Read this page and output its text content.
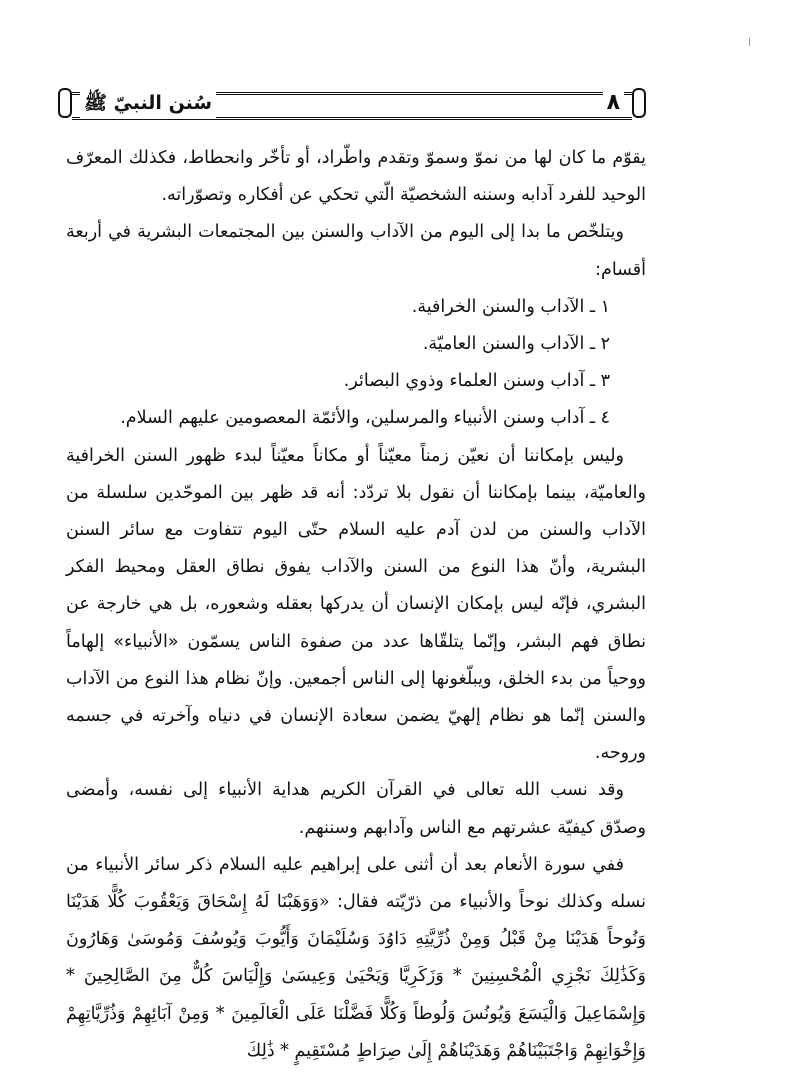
٨
سُنن النبيّ ﷺ

يقوّم ما كان لها من نموّ وسموّ وتقدم واطّراد، أو تأخّر وانحطاط، فكذلك المعرّف الوحيد للفرد آدابه وسننه الشخصيّة الّتي تحكي عن أفكاره وتصوّراته.

ويتلخّص ما بدا إلى اليوم من الآداب والسنن بين المجتمعات البشرية في أربعة أقسام:

١ ـ الآداب والسنن الخرافية.

٢ ـ الآداب والسنن العاميّة.

٣ ـ آداب وسنن العلماء وذوي البصائر.

٤ ـ آداب وسنن الأنبياء والمرسلين، والأئمّة المعصومين عليهم السلام.

وليس بإمكاننا أن نعيّن زمناً معيّناً أو مكاناً معيّناً لبدء ظهور السنن الخرافية والعاميّة، بينما بإمكاننا أن نقول بلا تردّد: أنه قد ظهر بين الموحّدين سلسلة من الآداب والسنن من لدن آدم عليه السلام حتّى اليوم تتفاوت مع سائر السنن البشرية، وأنّ هذا النوع من السنن والآداب يفوق نطاق العقل ومحيط الفكر البشري، فإنّه ليس بإمكان الإنسان أن يدركها بعقله وشعوره، بل هي خارجة عن نطاق فهم البشر، وإنّما يتلقّاها عدد من صفوة الناس يسمّون «الأنبياء» إلهاماً ووحياً من بدء الخلق، ويبلّغونها إلى الناس أجمعين. وإنّ نظام هذا النوع من الآداب والسنن إنّما هو نظام إلهيّ يضمن سعادة الإنسان في دنياه وآخرته في جسمه وروحه.

وقد نسب الله تعالى في القرآن الكريم هداية الأنبياء إلى نفسه، وأمضى وصدّق كيفيّة عشرتهم مع الناس وآدابهم وسننهم.

ففي سورة الأنعام بعد أن أثنى على إبراهيم عليه السلام ذكر سائر الأنبياء من نسله وكذلك نوحاً والأنبياء من ذرّيّته فقال: «وَوَهَبْنَا لَهُ إِسْحَاقَ وَيَعْقُوبَ كُلًّا هَدَيْنَا وَنُوحاً هَدَيْنَا مِنْ قَبْلُ وَمِنْ ذُرِّيَّتِهِ دَاوُدَ وَسُلَيْمَانَ وَأَيُّوبَ وَيُوسُفَ وَمُوسَىٰ وَهَارُونَ وَكَذَٰلِكَ نَجْزِي الْمُحْسِنِينَ * وَزَكَرِيَّا وَيَحْيَىٰ وَعِيسَىٰ وَإِلْيَاسَ كُلٌّ مِنَ الصَّالِحِينَ * وَإِسْمَاعِيلَ وَالْيَسَعَ وَيُونُسَ وَلُوطاً وَكُلًّا فَضَّلْنَا عَلَى الْعَالَمِينَ * وَمِنْ آبَائِهِمْ وَذُرِّيَّاتِهِمْ وَإِخْوَانِهِمْ وَاجْتَبَيْنَاهُمْ وَهَدَيْنَاهُمْ إِلَىٰ صِرَاطٍ مُسْتَقِيمٍ * ذَٰلِكَ
